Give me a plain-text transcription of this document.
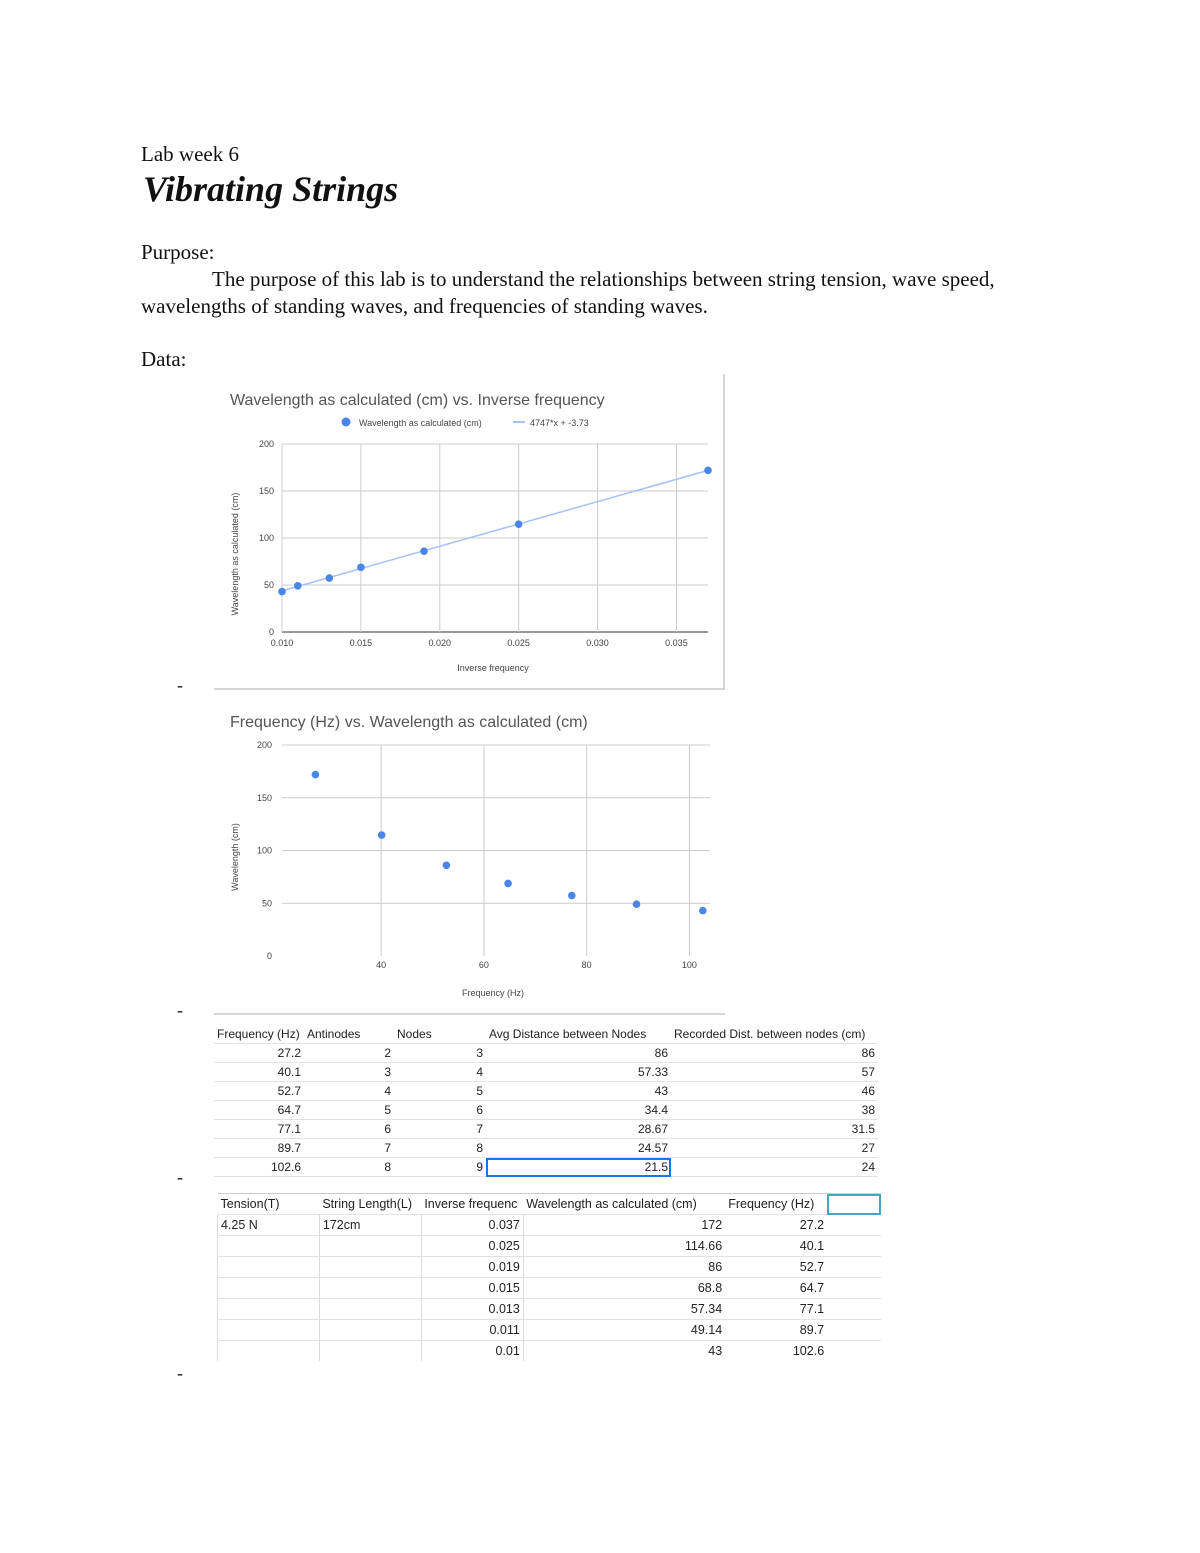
Lab week 6
Vibrating Strings
Purpose:
The purpose of this lab is to understand the relationships between string tension, wave speed, wavelengths of standing waves, and frequencies of standing waves.
Data:
Wavelength as calculated (cm) vs. Inverse frequency
Wavelength as calculated (cm)	4747*x + -3.73
0
50
100
150
200
0.010	0.015	0.020	0.025	0.030	0.035
Inverse frequency
Wavelength as calculated (cm)
-
Frequency (Hz) vs. Wavelength as calculated (cm)
0
50
100
150
200
40	60	80	100
Frequency (Hz)
Wavelength (cm)
-
Frequency (Hz)	Antinodes	Nodes	Avg Distance between Nodes	Recorded Dist. between nodes (cm)
27.2	2	3	86	86
40.1	3	4	57.33	57
52.7	4	5	43	46
64.7	5	6	34.4	38
77.1	6	7	28.67	31.5
89.7	7	8	24.57	27
102.6	8	9	21.5	24
-
Tension(T)	String Length(L)	Inverse frequenc	Wavelength as calculated (cm)	Frequency (Hz)	
4.25 N	172cm	0.037	172	27.2	
		0.025	114.66	40.1	
		0.019	86	52.7	
		0.015	68.8	64.7	
		0.013	57.34	77.1	
		0.011	49.14	89.7	
		0.01	43	102.6	
-
